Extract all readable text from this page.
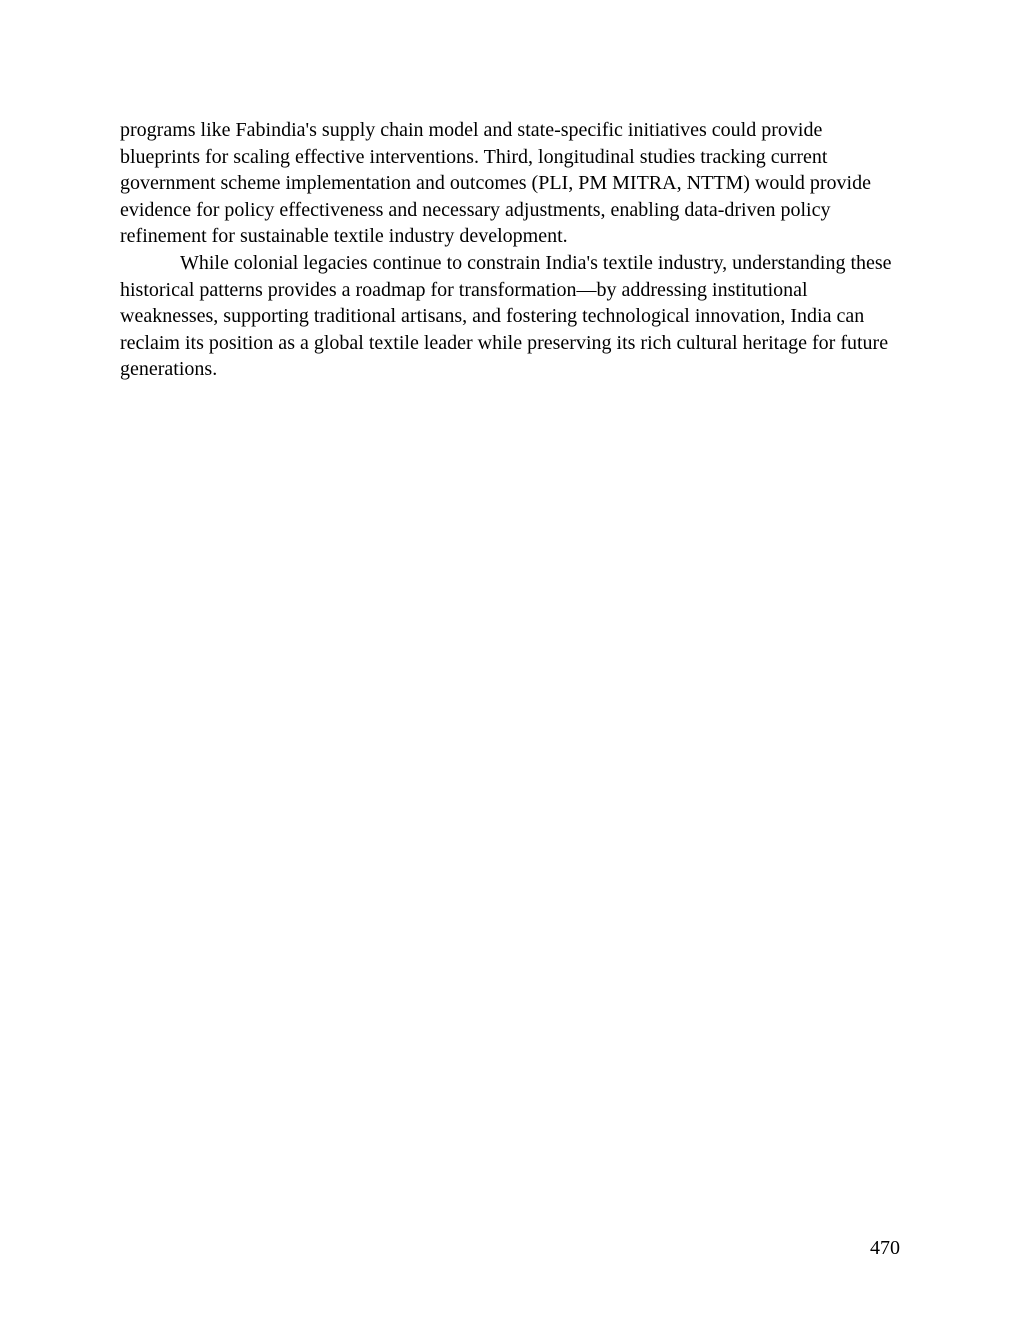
programs like Fabindia's supply chain model and state-specific initiatives could provide blueprints for scaling effective interventions. Third, longitudinal studies tracking current government scheme implementation and outcomes (PLI, PM MITRA, NTTM) would provide evidence for policy effectiveness and necessary adjustments, enabling data-driven policy refinement for sustainable textile industry development.

While colonial legacies continue to constrain India's textile industry, understanding these historical patterns provides a roadmap for transformation—by addressing institutional weaknesses, supporting traditional artisans, and fostering technological innovation, India can reclaim its position as a global textile leader while preserving its rich cultural heritage for future generations.

470
